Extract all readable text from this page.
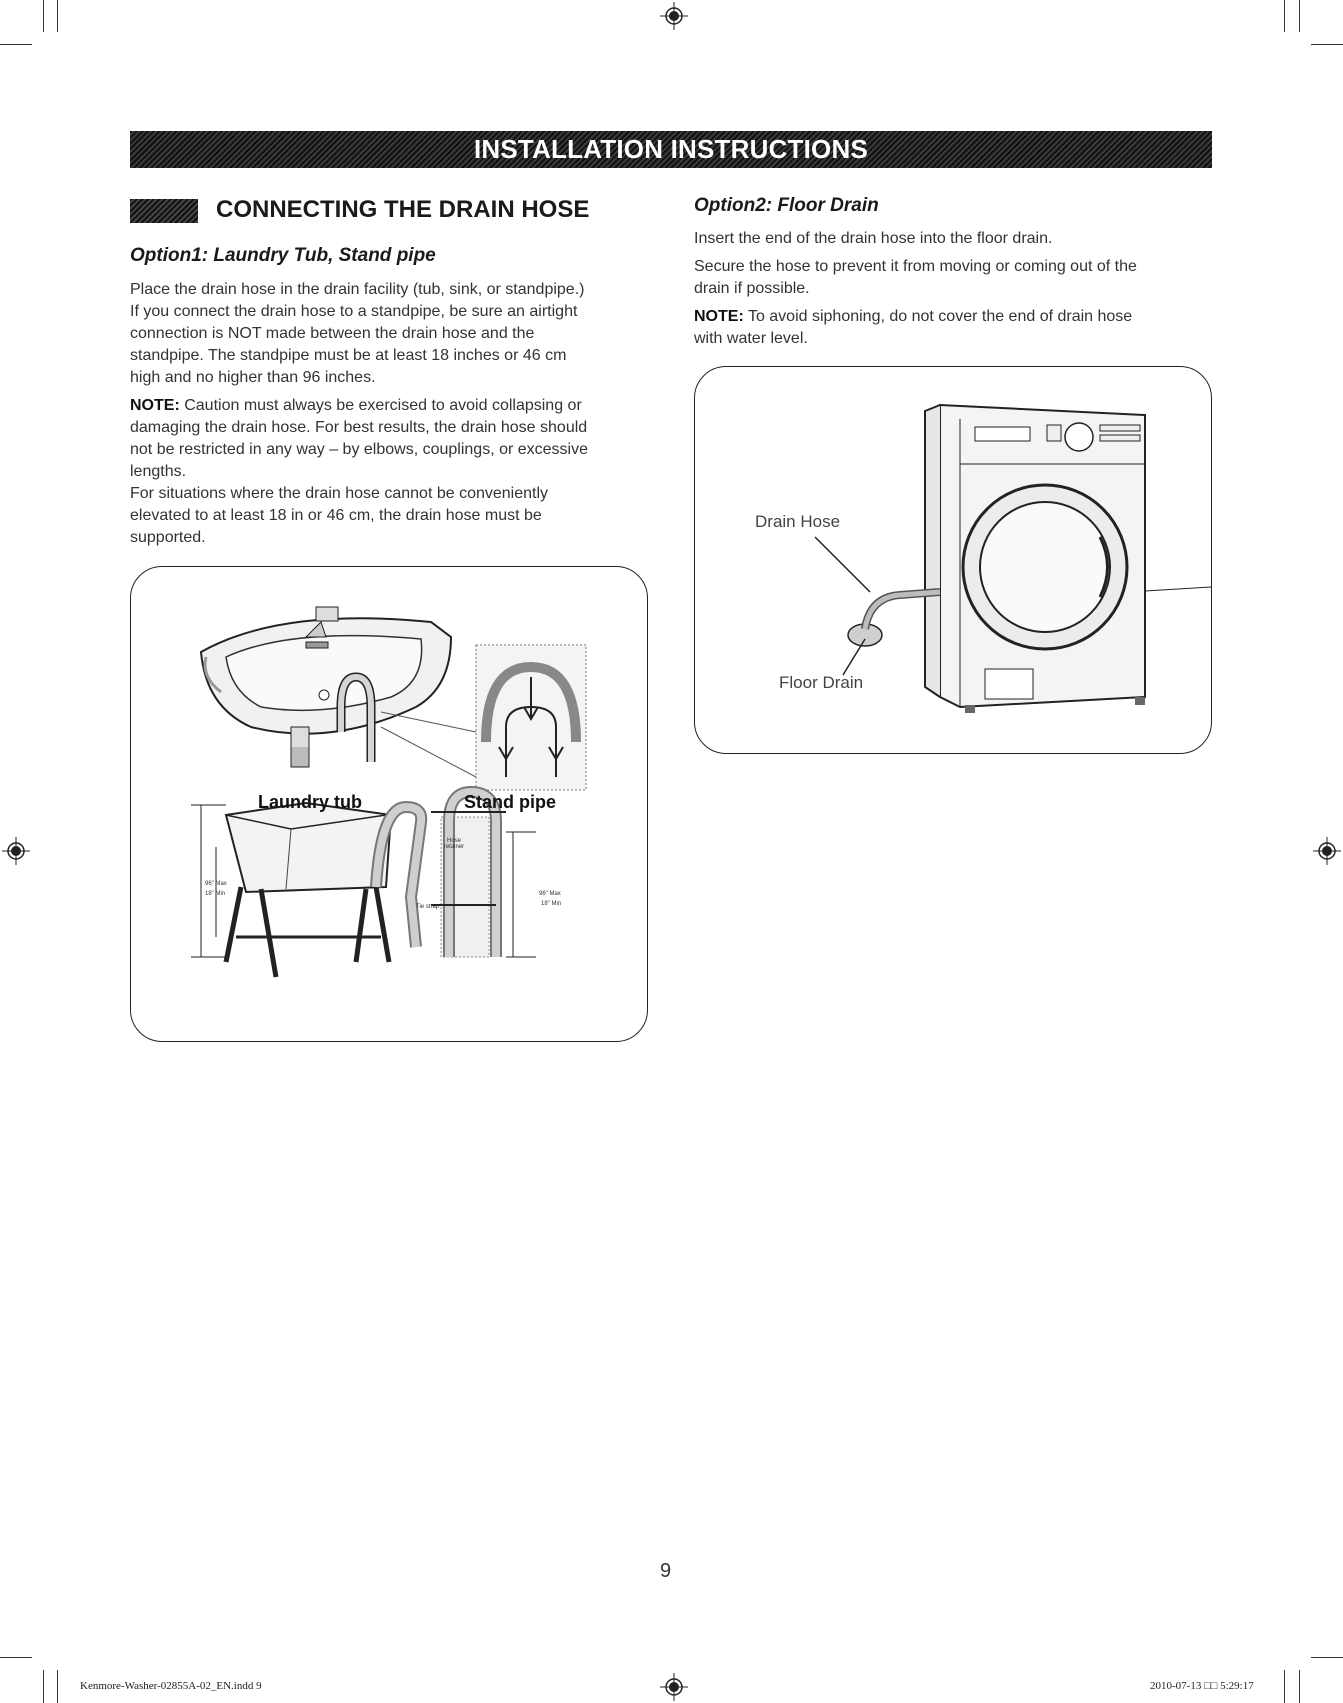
INSTALLATION INSTRUCTIONS
CONNECTING THE DRAIN HOSE
Option1: Laundry Tub, Stand pipe
Place the drain hose in the drain facility (tub, sink, or standpipe.)
If you connect the drain hose to a standpipe, be sure an airtight
connection is NOT made between the drain hose and the
standpipe. The standpipe must be at least 18 inches or 46 cm
high and no higher than 96 inches.
NOTE: Caution must always be exercised to avoid collapsing or
damaging the drain hose. For best results, the drain hose should
not be restricted in any way – by elbows, couplings, or excessive
lengths.
For situations where the drain hose cannot be conveniently
elevated to at least 18 in or 46 cm, the drain hose must be
supported.
Laundry tub	Stand pipe
Hose
retainer
Tie strap
96" Max
18" Min	96" Max
18" Min
Option2: Floor Drain
Insert the end of the drain hose into the floor drain.
Secure the hose to prevent it from moving or coming out of the
drain if possible.
NOTE: To avoid siphoning, do not cover the end of drain hose
with water level.
Drain Hose
Floor Drain
9
Kenmore-Washer-02855A-02_EN.indd 9	2010-07-13 □□ 5:29:17
